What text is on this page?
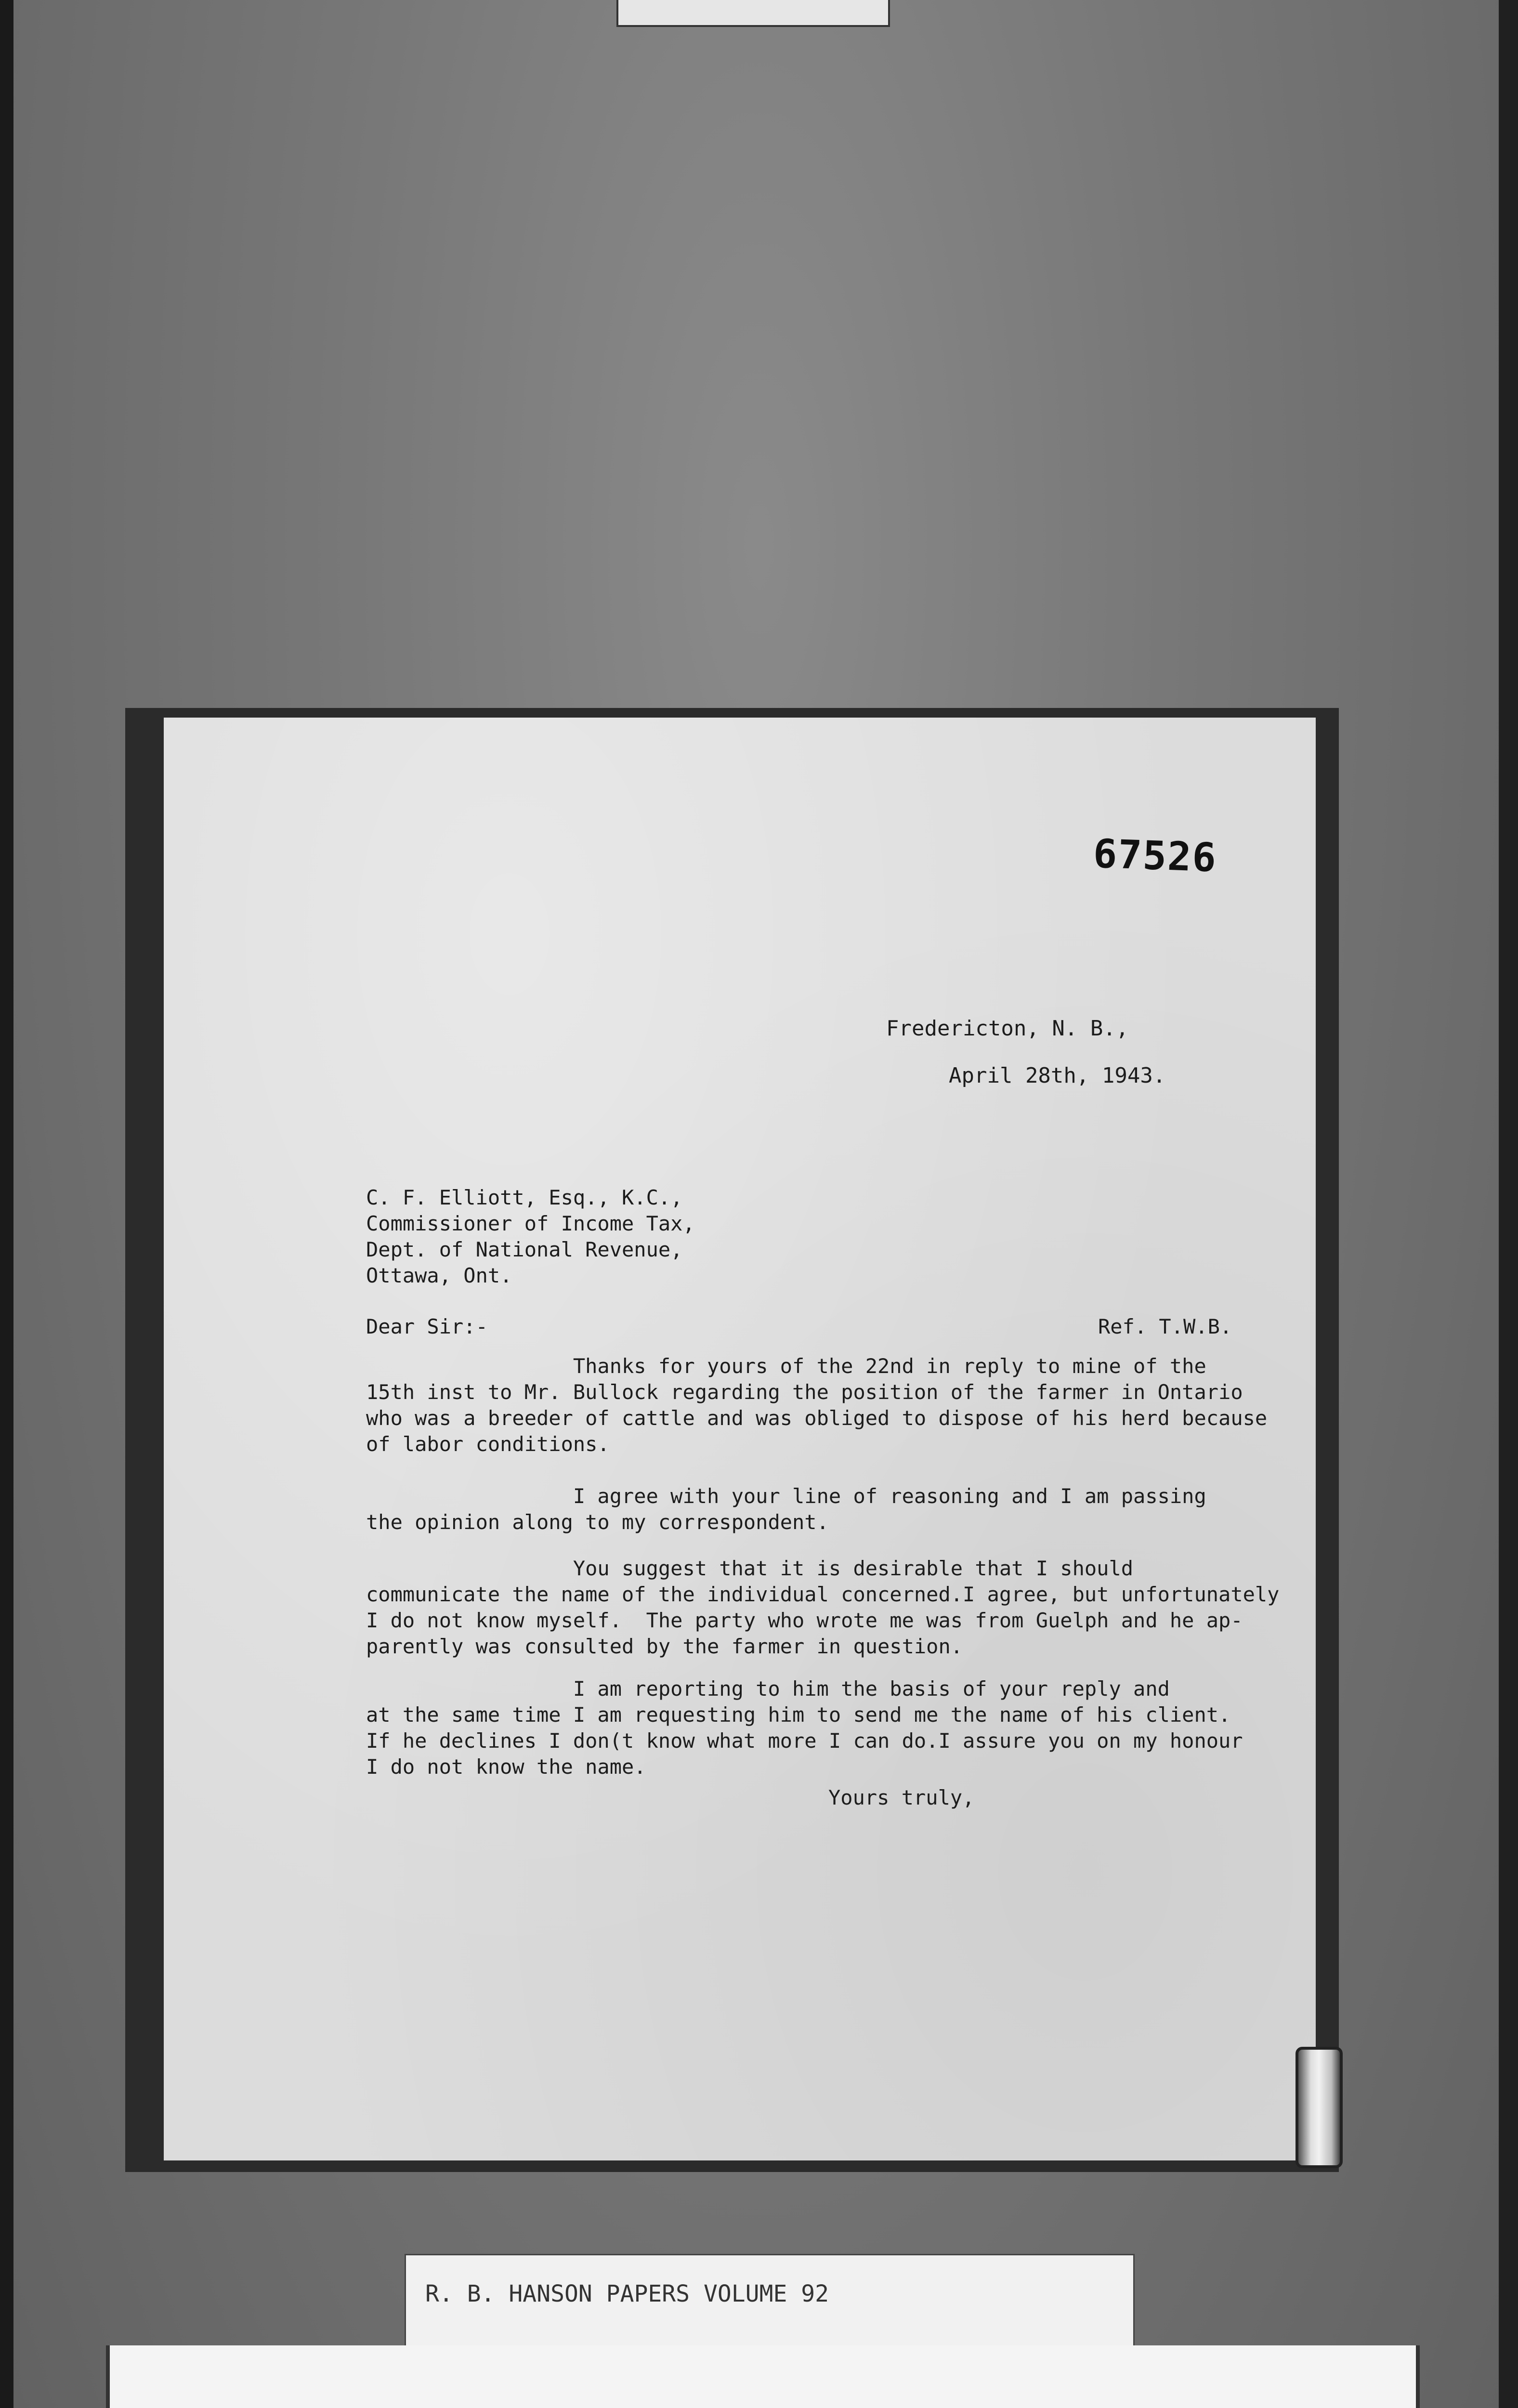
67526
Fredericton, N. B.,
April 28th, 1943.
C. F. Elliott, Esq., K.C.,
Commissioner of Income Tax,
Dept. of National Revenue,
Ottawa, Ont.
Dear Sir:-	Ref. T.W.B.
Thanks for yours of the 22nd in reply to mine of the
15th inst to Mr. Bullock regarding the position of the farmer in Ontario
who was a breeder of cattle and was obliged to dispose of his herd because
of labor conditions.
I agree with your line of reasoning and I am passing
the opinion along to my correspondent.
You suggest that it is desirable that I should
communicate the name of the individual concerned.I agree, but unfortunately
I do not know myself.  The party who wrote me was from Guelph and he ap-
parently was consulted by the farmer in question.
I am reporting to him the basis of your reply and
at the same time I am requesting him to send me the name of his client.
If he declines I don(t know what more I can do.I assure you on my honour
I do not know the name.
Yours truly,
R. B. HANSON PAPERS VOLUME 92
